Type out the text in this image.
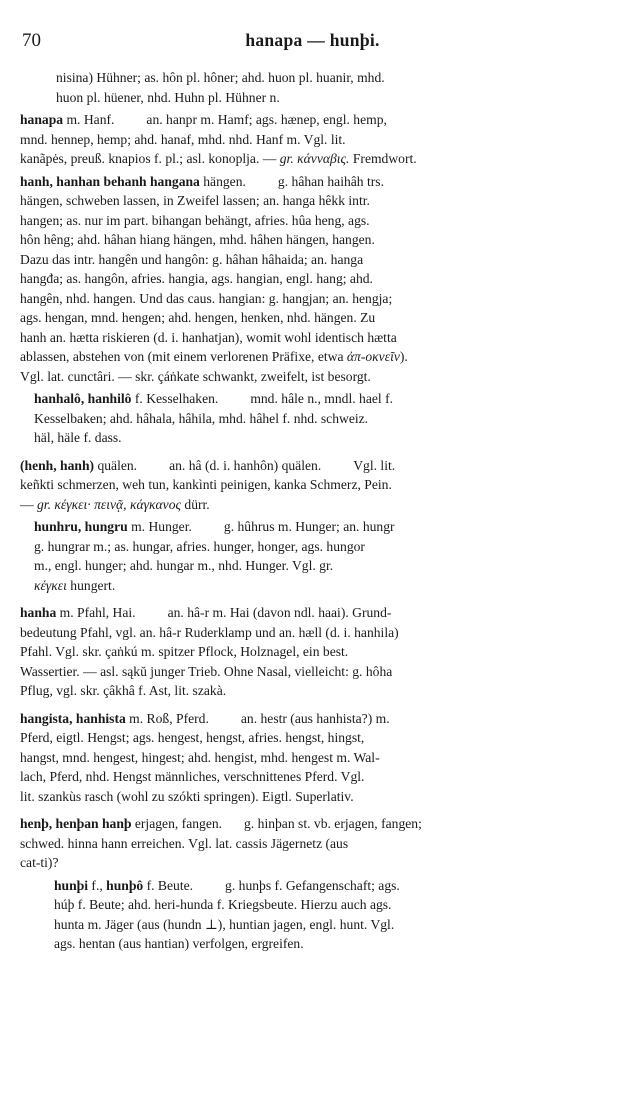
70	hanapa — hunþi.
nisina) Hühner; as. hôn pl. hôner; ahd. huon pl. huanir, mhd.
huon pl. hüener, nhd. Huhn pl. Hühner n.
hanapa m. Hanf. an. hanpr m. Hamf; ags. hænep, engl. hemp,
mnd. hennep, hemp; ahd. hanaf, mhd. nhd. Hanf m. Vgl. lit.
kanãpės, preuß. knapios f. pl.; asl. konoplja. — gr. κάνναβις. Fremdwort.
hanh, hanhan behanh hangana hängen. g. hâhan haihâh trs.
hängen, schweben lassen, in Zweifel lassen; an. hanga hêkk intr.
hangen; as. nur im part. bihangan behängt, afries. hûa heng, ags.
hôn hêng; ahd. hâhan hiang hängen, mhd. hâhen hängen, hangen.
Dazu das intr. hangên und hangôn: g. hâhan hâhaida; an. hanga
hangđa; as. hangôn, afries. hangia, ags. hangian, engl. hang; ahd.
hangên, nhd. hangen. Und das caus. hangian: g. hangjan; an. hengja;
ags. hengan, mnd. hengen; ahd. hengen, henken, nhd. hängen. Zu
hanh an. hætta riskieren (d. i. hanhatjan), womit wohl identisch hætta
ablassen, abstehen von (mit einem verlorenen Präfixe, etwa ἀπ-οκνεῖν).
Vgl. lat. cunctâri. — skr. çáṅkate schwankt, zweifelt, ist besorgt.
hanhalô, hanhilô f. Kesselhaken. mnd. hâle n., mndl. hael f.
Kesselbaken; ahd. hâhala, hâhila, mhd. hâhel f. nhd. schweiz.
häl, häle f. dass.
(henh, hanh) quälen. an. hâ (d. i. hanhôn) quälen. Vgl. lit.
keñkti schmerzen, weh tun, kankìnti peinigen, kanka Schmerz, Pein.
— gr. κέγκει· πεινᾷ, κάγκανος dürr.
hunhru, hungru m. Hunger. g. hûhrus m. Hunger; an. hungr
g. hungrar m.; as. hungar, afries. hunger, honger, ags. hungor
m., engl. hunger; ahd. hungar m., nhd. Hunger. Vgl. gr.
κέγκει hungert.
hanha m. Pfahl, Hai. an. hâ-r m. Hai (davon ndl. haai). Grund-
bedeutung Pfahl, vgl. an. hâ-r Ruderklamp und an. hæll (d. i. hanhila)
Pfahl. Vgl. skr. çaṅkú m. spitzer Pflock, Holznagel, ein best.
Wassertier. — asl. sąkŭ junger Trieb. Ohne Nasal, vielleicht: g. hôha
Pflug, vgl. skr. çâkhâ f. Ast, lit. szakà.
hangista, hanhista m. Roß, Pferd. an. hestr (aus hanhista?) m.
Pferd, eigtl. Hengst; ags. hengest, hengst, afries. hengst, hingst,
hangst, mnd. hengest, hingest; ahd. hengist, mhd. hengest m. Wal-
lach, Pferd, nhd. Hengst männliches, verschnittenes Pferd. Vgl.
lit. szankùs rasch (wohl zu szókti springen). Eigtl. Superlativ.
henþ, henþan hanþ erjagen, fangen. g. hinþan st. vb. erjagen, fangen;
schwed. hinna hann erreichen. Vgl. lat. cassis Jägernetz (aus
cat-ti)?
hunþi f., hunþô f. Beute. g. hunþs f. Gefangenschaft; ags.
húþ f. Beute; ahd. heri-hunda f. Kriegsbeute. Hierzu auch ags.
hunta m. Jäger (aus (hundn ⊥), huntian jagen, engl. hunt. Vgl.
ags. hentan (aus hantian) verfolgen, ergreifen.
